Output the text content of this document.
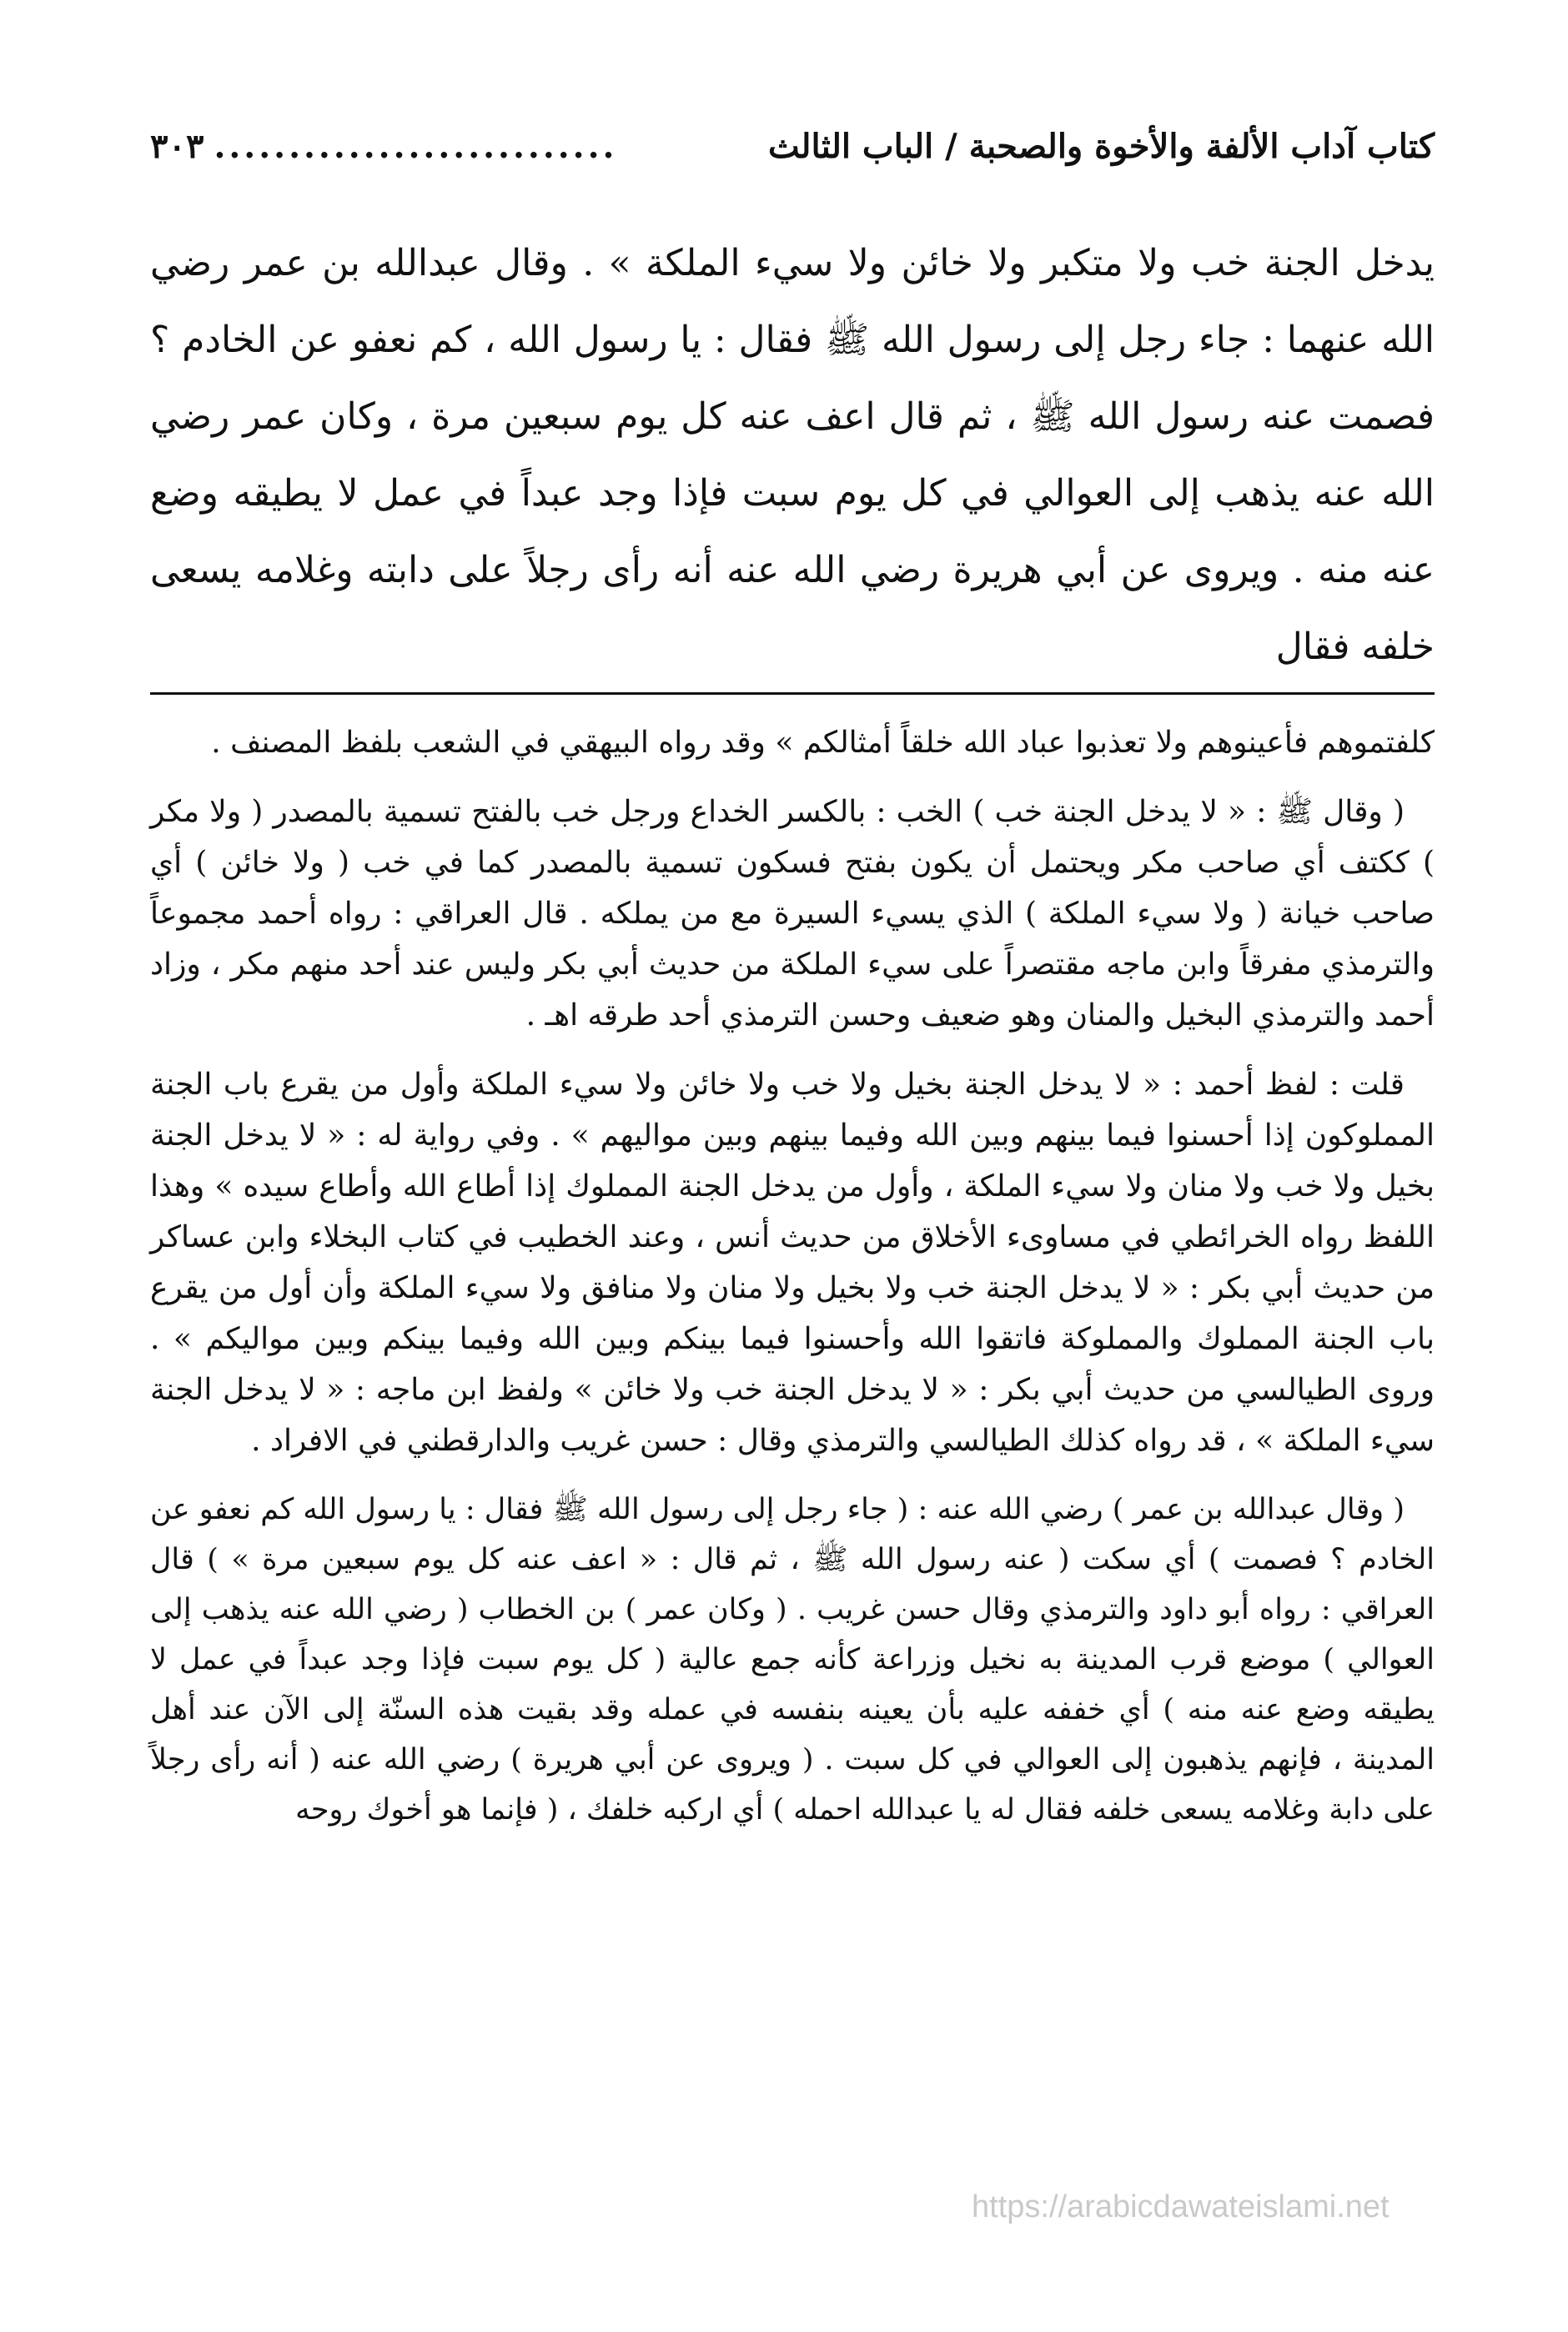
كتاب آداب الألفة والأخوة والصحبة / الباب الثالث
...........................
٣٠٣
يدخل الجنة خب ولا متكبر ولا خائن ولا سيء الملكة » . وقال عبدالله بن عمر رضي الله عنهما : جاء رجل إلى رسول الله ﷺ فقال : يا رسول الله ، كم نعفو عن الخادم ؟ فصمت عنه رسول الله ﷺ ، ثم قال اعف عنه كل يوم سبعين مرة ، وكان عمر رضي الله عنه يذهب إلى العوالي في كل يوم سبت فإذا وجد عبداً في عمل لا يطيقه وضع عنه منه . ويروى عن أبي هريرة رضي الله عنه أنه رأى رجلاً على دابته وغلامه يسعى خلفه فقال

كلفتموهم فأعينوهم ولا تعذبوا عباد الله خلقاً أمثالكم » وقد رواه البيهقي في الشعب بلفظ المصنف .

( وقال ﷺ : « لا يدخل الجنة خب ) الخب : بالكسر الخداع ورجل خب بالفتح تسمية بالمصدر ( ولا مكر ) ككتف أي صاحب مكر ويحتمل أن يكون بفتح فسكون تسمية بالمصدر كما في خب ( ولا خائن ) أي صاحب خيانة ( ولا سيء الملكة ) الذي يسيء السيرة مع من يملكه . قال العراقي : رواه أحمد مجموعاً والترمذي مفرقاً وابن ماجه مقتصراً على سيء الملكة من حديث أبي بكر وليس عند أحد منهم مكر ، وزاد أحمد والترمذي البخيل والمنان وهو ضعيف وحسن الترمذي أحد طرقه اهـ .

قلت : لفظ أحمد : « لا يدخل الجنة بخيل ولا خب ولا خائن ولا سيء الملكة وأول من يقرع باب الجنة المملوكون إذا أحسنوا فيما بينهم وبين الله وفيما بينهم وبين مواليهم » . وفي رواية له : « لا يدخل الجنة بخيل ولا خب ولا منان ولا سيء الملكة ، وأول من يدخل الجنة المملوك إذا أطاع الله وأطاع سيده » وهذا اللفظ رواه الخرائطي في مساوىء الأخلاق من حديث أنس ، وعند الخطيب في كتاب البخلاء وابن عساكر من حديث أبي بكر : « لا يدخل الجنة خب ولا بخيل ولا منان ولا منافق ولا سيء الملكة وأن أول من يقرع باب الجنة المملوك والمملوكة فاتقوا الله وأحسنوا فيما بينكم وبين الله وفيما بينكم وبين مواليكم » . وروى الطيالسي من حديث أبي بكر : « لا يدخل الجنة خب ولا خائن » ولفظ ابن ماجه : « لا يدخل الجنة سيء الملكة » ، قد رواه كذلك الطيالسي والترمذي وقال : حسن غريب والدارقطني في الافراد .

( وقال عبدالله بن عمر ) رضي الله عنه : ( جاء رجل إلى رسول الله ﷺ فقال : يا رسول الله كم نعفو عن الخادم ؟ فصمت ) أي سكت ( عنه رسول الله ﷺ ، ثم قال : « اعف عنه كل يوم سبعين مرة » ) قال العراقي : رواه أبو داود والترمذي وقال حسن غريب . ( وكان عمر ) بن الخطاب ( رضي الله عنه يذهب إلى العوالي ) موضع قرب المدينة به نخيل وزراعة كأنه جمع عالية ( كل يوم سبت فإذا وجد عبداً في عمل لا يطيقه وضع عنه منه ) أي خففه عليه بأن يعينه بنفسه في عمله وقد بقيت هذه السنّة إلى الآن عند أهل المدينة ، فإنهم يذهبون إلى العوالي في كل سبت . ( ويروى عن أبي هريرة ) رضي الله عنه ( أنه رأى رجلاً على دابة وغلامه يسعى خلفه فقال له يا عبدالله احمله ) أي اركبه خلفك ، ( فإنما هو أخوك روحه

https://arabicdawateislami.net
